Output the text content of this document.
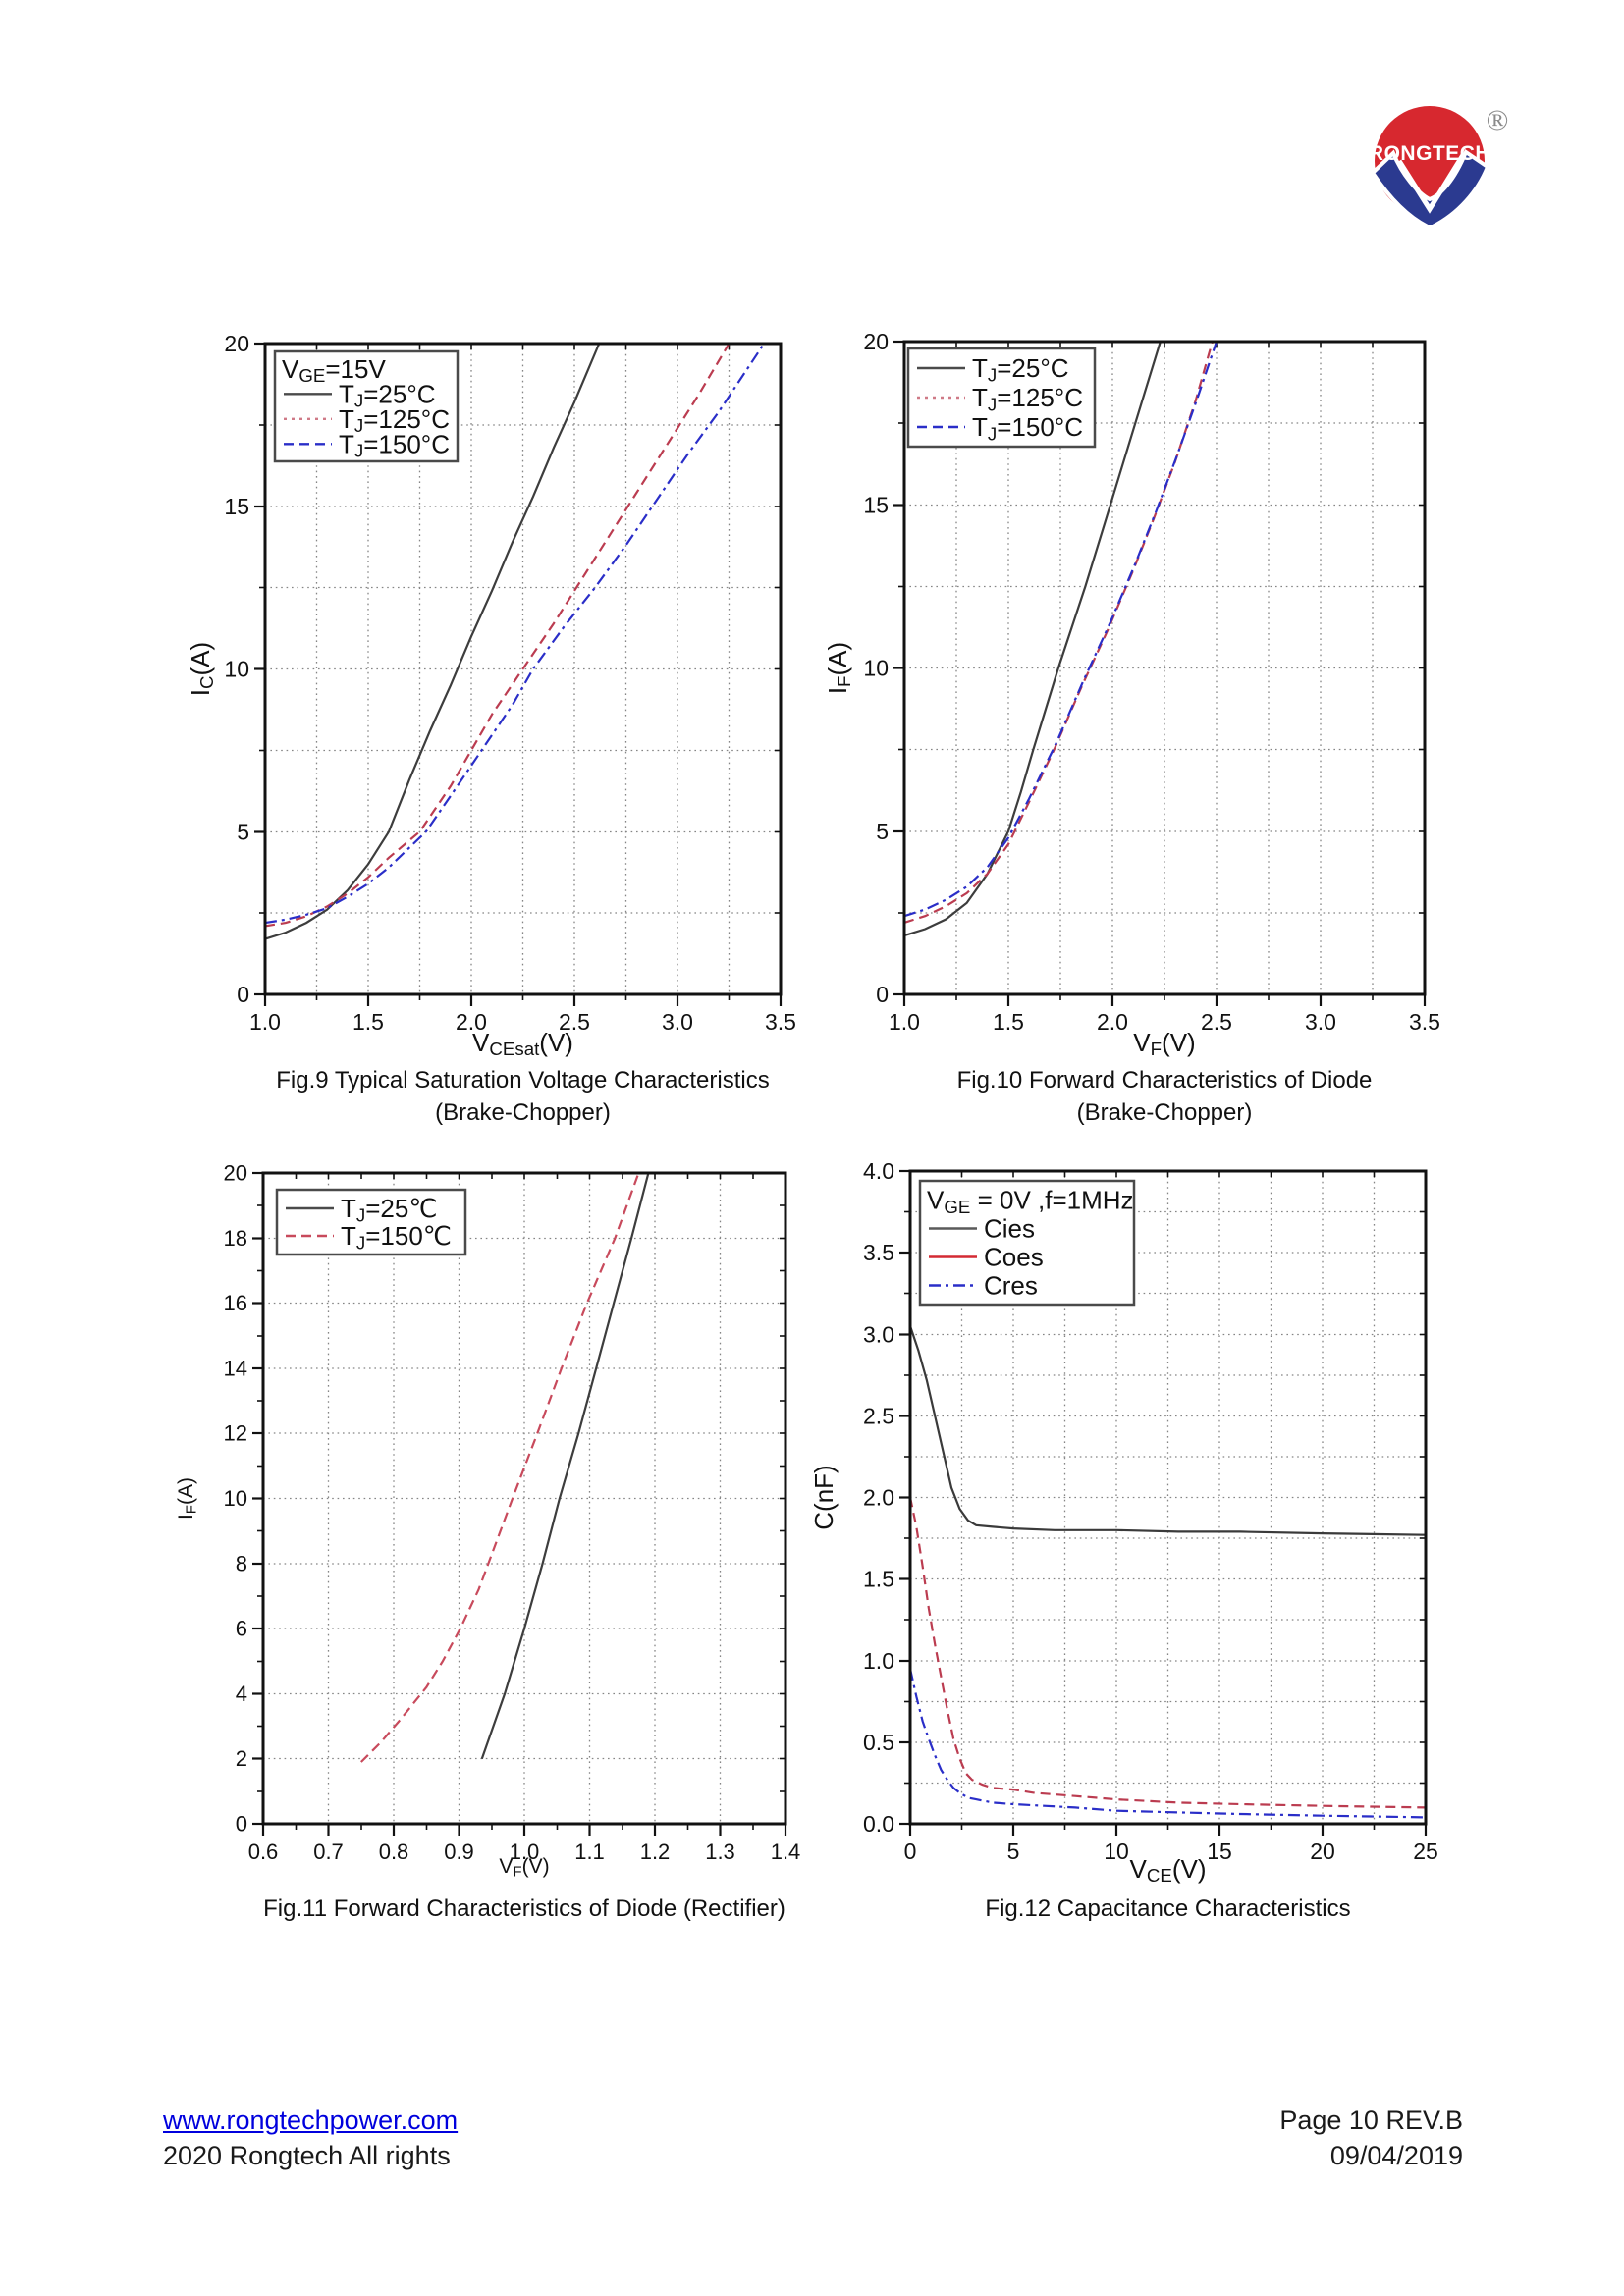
RONGTECH
®
1.0	1.5	2.0	2.5	3.0	3.5
0
5
10
15
20
VGE=15V
TJ=25°C
TJ=125°C
TJ=150°C
VCEsat(V)
IC(A)
Fig.9 Typical Saturation Voltage Characteristics
(Brake-Chopper)
1.0	1.5	2.0	2.5	3.0	3.5
0
5
10
15
20
TJ=25°C
TJ=125°C
TJ=150°C
VF(V)
IF(A)
Fig.10 Forward Characteristics of Diode
(Brake-Chopper)
0.6 0.7 0.8 0.9 1.0 1.1 1.2 1.3 1.4
0
2
4
6
8
10
12
14
16
18
20
TJ=25℃
TJ=150℃
VF(V)
IF(A)
Fig.11 Forward Characteristics of Diode (Rectifier)
0	5	10	15	20	25
0.0
0.5
1.0
1.5
2.0
2.5
3.0
3.5
4.0
VGE = 0V ,f=1MHz
Cies
Coes
Cres
VCE(V)
C(nF)
Fig.12 Capacitance Characteristics
www.rongtechpower.com
2020 Rongtech All rights
Page 10 REV.B
09/04/2019
